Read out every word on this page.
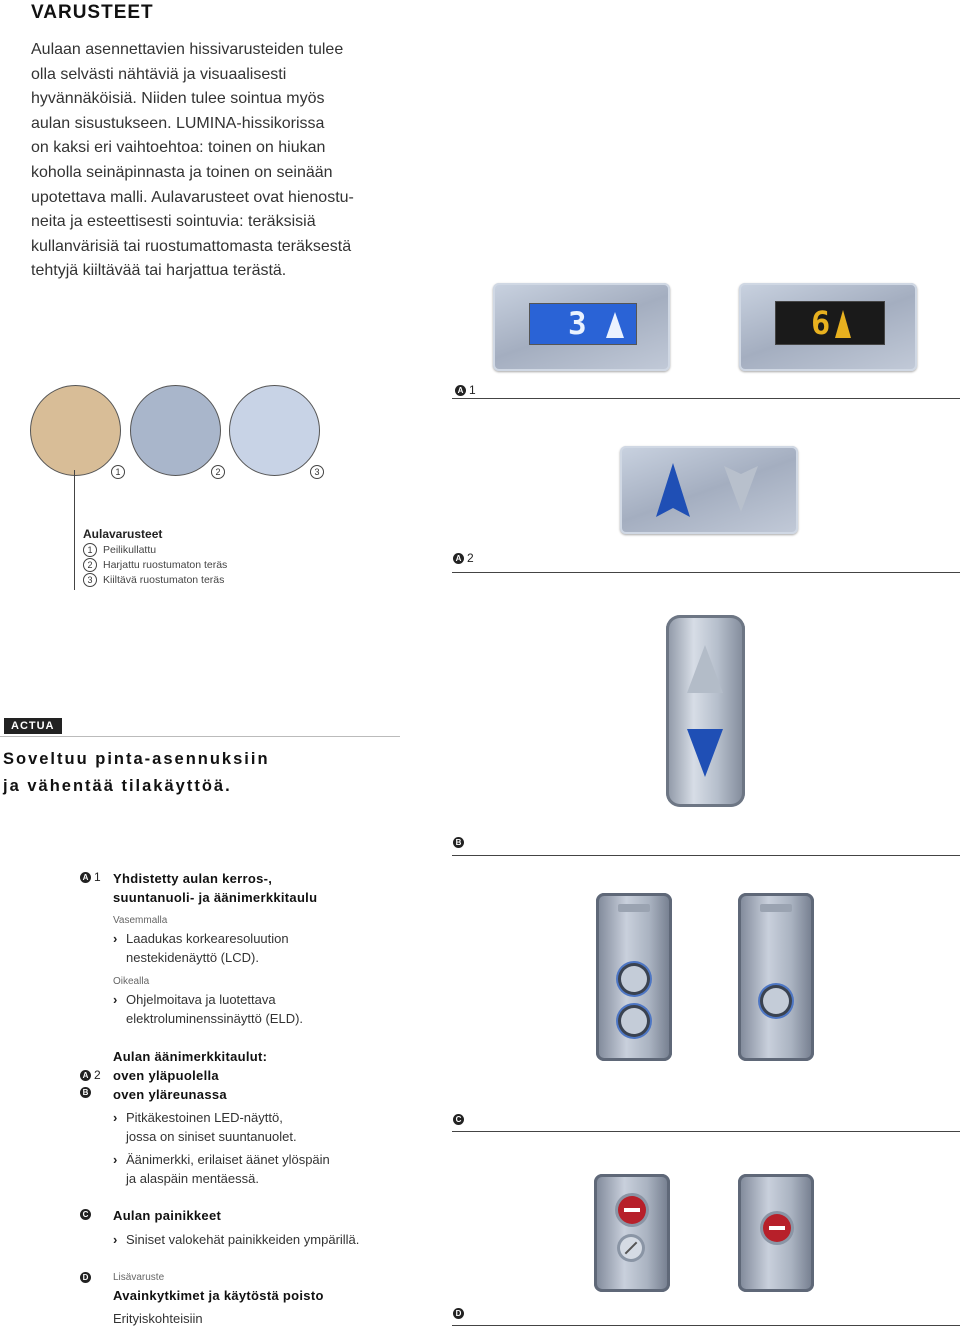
VARUSTEET
Aulaan asennettavien hissivarusteiden tulee
olla selvästi nähtäviä ja visuaalisesti
hyvännäköisiä. Niiden tulee sointua myös
aulan sisustukseen. LUMINA-hissikorissa
on kaksi eri vaihtoehtoa: toinen on hiukan
koholla seinäpinnasta ja toinen on seinään
upotettava malli. Aulavarusteet ovat hienostu-
neita ja esteettisesti sointuvia: teräksisiä
kullanvärisiä tai ruostumattomasta teräksestä
tehtyjä kiiltävää tai harjattua terästä.
1	2	3
Aulavarusteet
1	Peilikullattu
2	Harjattu ruostumaton teräs
3	Kiiltävä ruostumaton teräs
A 1
A 2
B
C
D
3	6
ACTUA
Soveltuu pinta-asennuksiin
ja vähentää tilakäyttöä.
A 1 Yhdistetty aulan kerros-,
suuntanuoli- ja äänimerkkitaulu
Vasemmalla
› Laadukas korkearesoluution
nestekidenäyttö (LCD).
Oikealla
› Ohjelmoitava ja luotettava
elektroluminenssinäyttö (ELD).
Aulan äänimerkkitaulut:
oven yläpuolella
oven yläreunassa
A 2
B
› Pitkäkestoinen LED-näyttö,
jossa on siniset suuntanuolet.
› Äänimerkki, erilaiset äänet ylöspäin
ja alaspäin mentäessä.
C Aulan painikkeet
› Siniset valokehät painikkeiden ympärillä.
D Lisävaruste
Avainkytkimet ja käytöstä poisto
Erityiskohteisiin
